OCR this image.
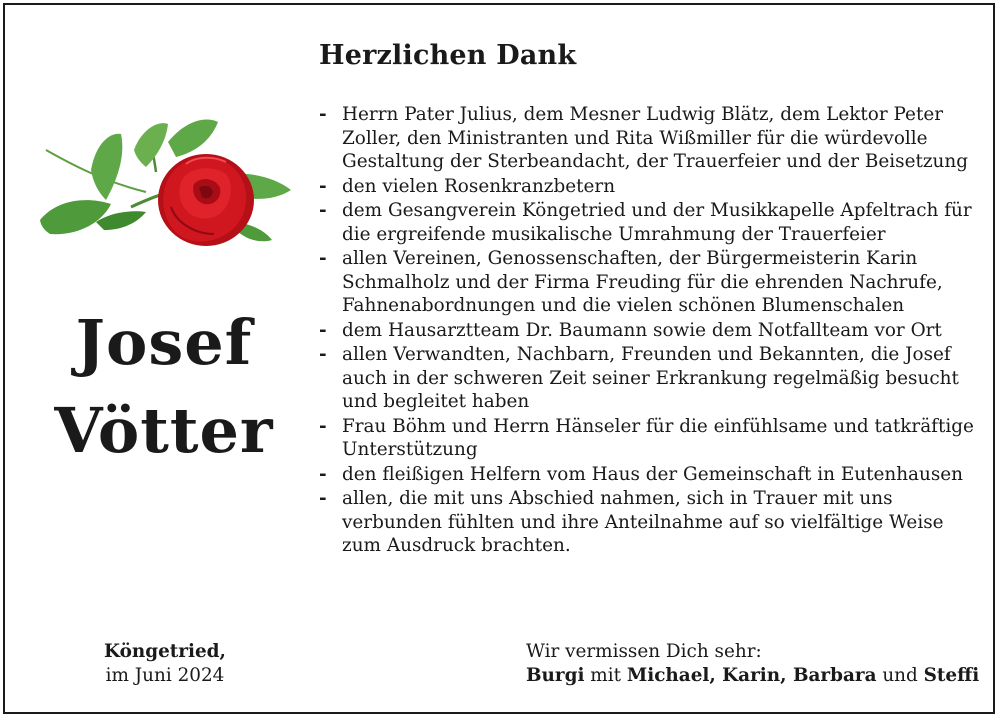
Josef
Vötter
Herzlichen Dank
- Herrn Pater Julius, dem Mesner Ludwig Blätz, dem Lektor Peter Zoller, den Ministranten und Rita Wißmiller für die würdevolle Gestaltung der Sterbeandacht, der Trauerfeier und der Beisetzung
- den vielen Rosenkranzbetern
- dem Gesangverein Köngetried und der Musikkapelle Apfeltrach für die ergreifende musikalische Umrahmung der Trauerfeier
- allen Vereinen, Genossenschaften, der Bürgermeisterin Karin Schmalholz und der Firma Freuding für die ehrenden Nachrufe, Fahnenabordnungen und die vielen schönen Blumenschalen
- dem Hausarztteam Dr. Baumann sowie dem Notfallteam vor Ort
- allen Verwandten, Nachbarn, Freunden und Bekannten, die Josef auch in der schweren Zeit seiner Erkrankung regelmäßig besucht und begleitet haben
- Frau Böhm und Herrn Hänseler für die einfühlsame und tatkräftige Unterstützung
- den fleißigen Helfern vom Haus der Gemeinschaft in Eutenhausen
- allen, die mit uns Abschied nahmen, sich in Trauer mit uns verbunden fühlten und ihre Anteilnahme auf so vielfältige Weise zum Ausdruck brachten.
Köngetried,
im Juni 2024
Wir vermissen Dich sehr:
Burgi mit Michael, Karin, Barbara und Steffi
